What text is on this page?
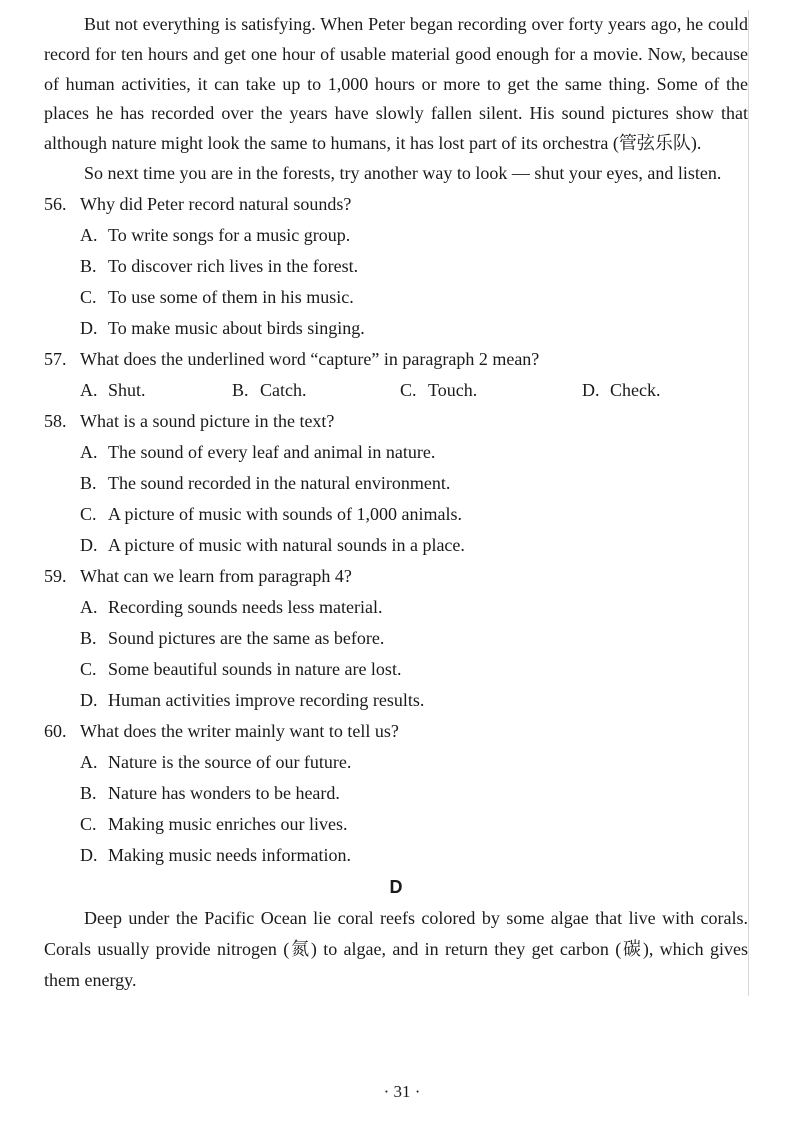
But not everything is satisfying. When Peter began recording over forty years ago, he could record for ten hours and get one hour of usable material good enough for a movie. Now, because of human activities, it can take up to 1,000 hours or more to get the same thing. Some of the places he has recorded over the years have slowly fallen silent. His sound pictures show that although nature might look the same to humans, it has lost part of its orchestra (管弦乐队).

So next time you are in the forests, try another way to look — shut your eyes, and listen.

56. Why did Peter record natural sounds?
A. To write songs for a music group.
B. To discover rich lives in the forest.
C. To use some of them in his music.
D. To make music about birds singing.
57. What does the underlined word “capture” in paragraph 2 mean?
A. Shut.	B. Catch.	C. Touch.	D. Check.
58. What is a sound picture in the text?
A. The sound of every leaf and animal in nature.
B. The sound recorded in the natural environment.
C. A picture of music with sounds of 1,000 animals.
D. A picture of music with natural sounds in a place.
59. What can we learn from paragraph 4?
A. Recording sounds needs less material.
B. Sound pictures are the same as before.
C. Some beautiful sounds in nature are lost.
D. Human activities improve recording results.
60. What does the writer mainly want to tell us?
A. Nature is the source of our future.
B. Nature has wonders to be heard.
C. Making music enriches our lives.
D. Making music needs information.
D

Deep under the Pacific Ocean lie coral reefs colored by some algae that live with corals. Corals usually provide nitrogen (氮) to algae, and in return they get carbon (碳), which gives them energy.

· 31 ·
